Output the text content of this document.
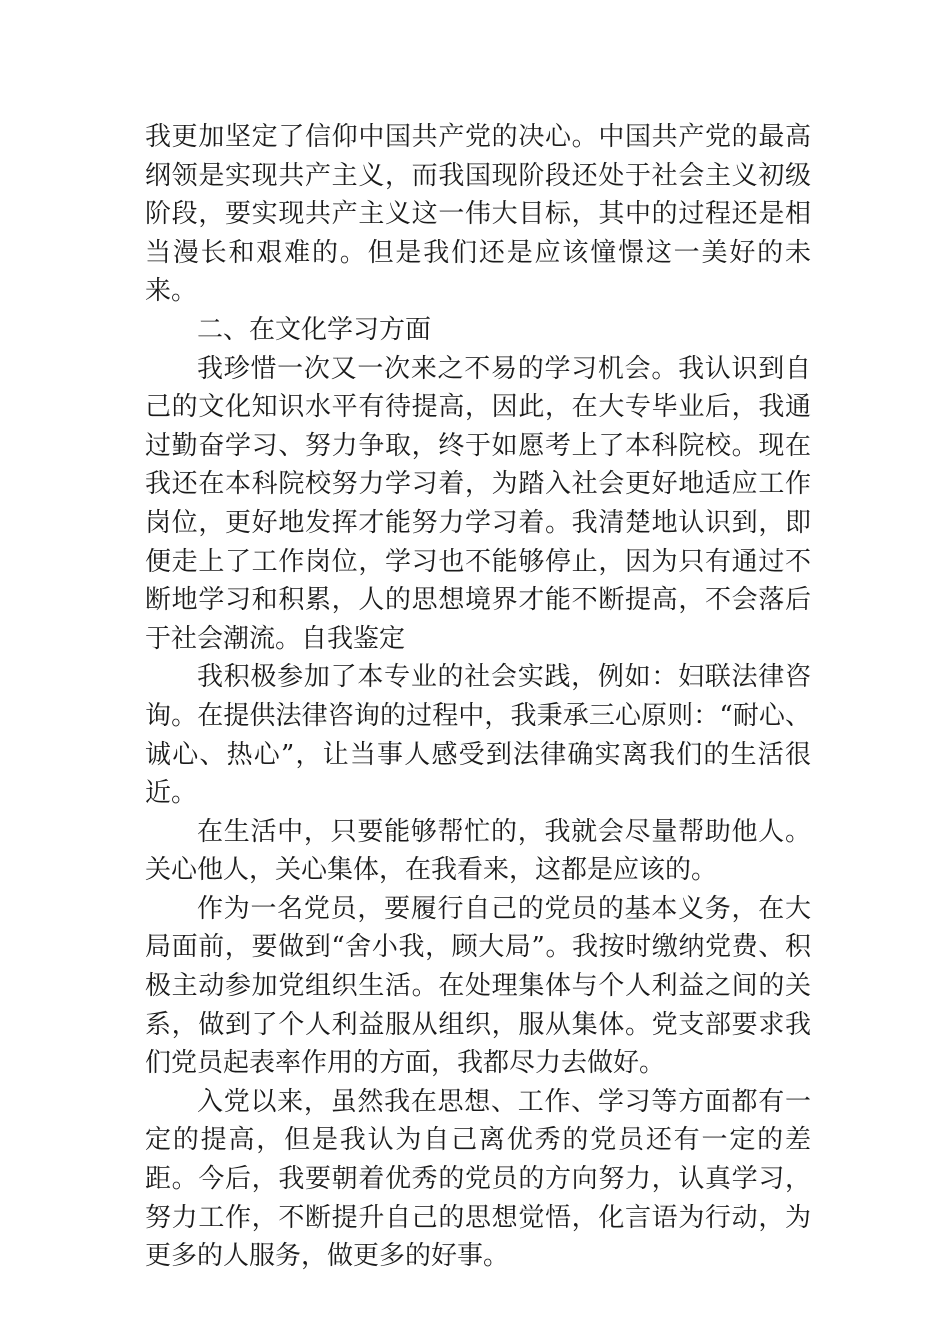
我更加坚定了信仰中国共产党的决心。中国共产党的最高纲领是实现共产主义，而我国现阶段还处于社会主义初级阶段，要实现共产主义这一伟大目标，其中的过程还是相当漫长和艰难的。但是我们还是应该憧憬这一美好的未来。

二、在文化学习方面

我珍惜一次又一次来之不易的学习机会。我认识到自己的文化知识水平有待提高，因此，在大专毕业后，我通过勤奋学习、努力争取，终于如愿考上了本科院校。现在我还在本科院校努力学习着，为踏入社会更好地适应工作岗位，更好地发挥才能努力学习着。我清楚地认识到，即便走上了工作岗位，学习也不能够停止，因为只有通过不断地学习和积累，人的思想境界才能不断提高，不会落后于社会潮流。自我鉴定

我积极参加了本专业的社会实践，例如：妇联法律咨询。在提供法律咨询的过程中，我秉承三心原则：“耐心、诚心、热心”，让当事人感受到法律确实离我们的生活很近。

在生活中，只要能够帮忙的，我就会尽量帮助他人。关心他人，关心集体，在我看来，这都是应该的。

作为一名党员，要履行自己的党员的基本义务，在大局面前，要做到“舍小我，顾大局”。我按时缴纳党费、积极主动参加党组织生活。在处理集体与个人利益之间的关系，做到了个人利益服从组织，服从集体。党支部要求我们党员起表率作用的方面，我都尽力去做好。

入党以来，虽然我在思想、工作、学习等方面都有一定的提高，但是我认为自己离优秀的党员还有一定的差距。今后，我要朝着优秀的党员的方向努力，认真学习，努力工作，不断提升自己的思想觉悟，化言语为行动，为更多的人服务，做更多的好事。
